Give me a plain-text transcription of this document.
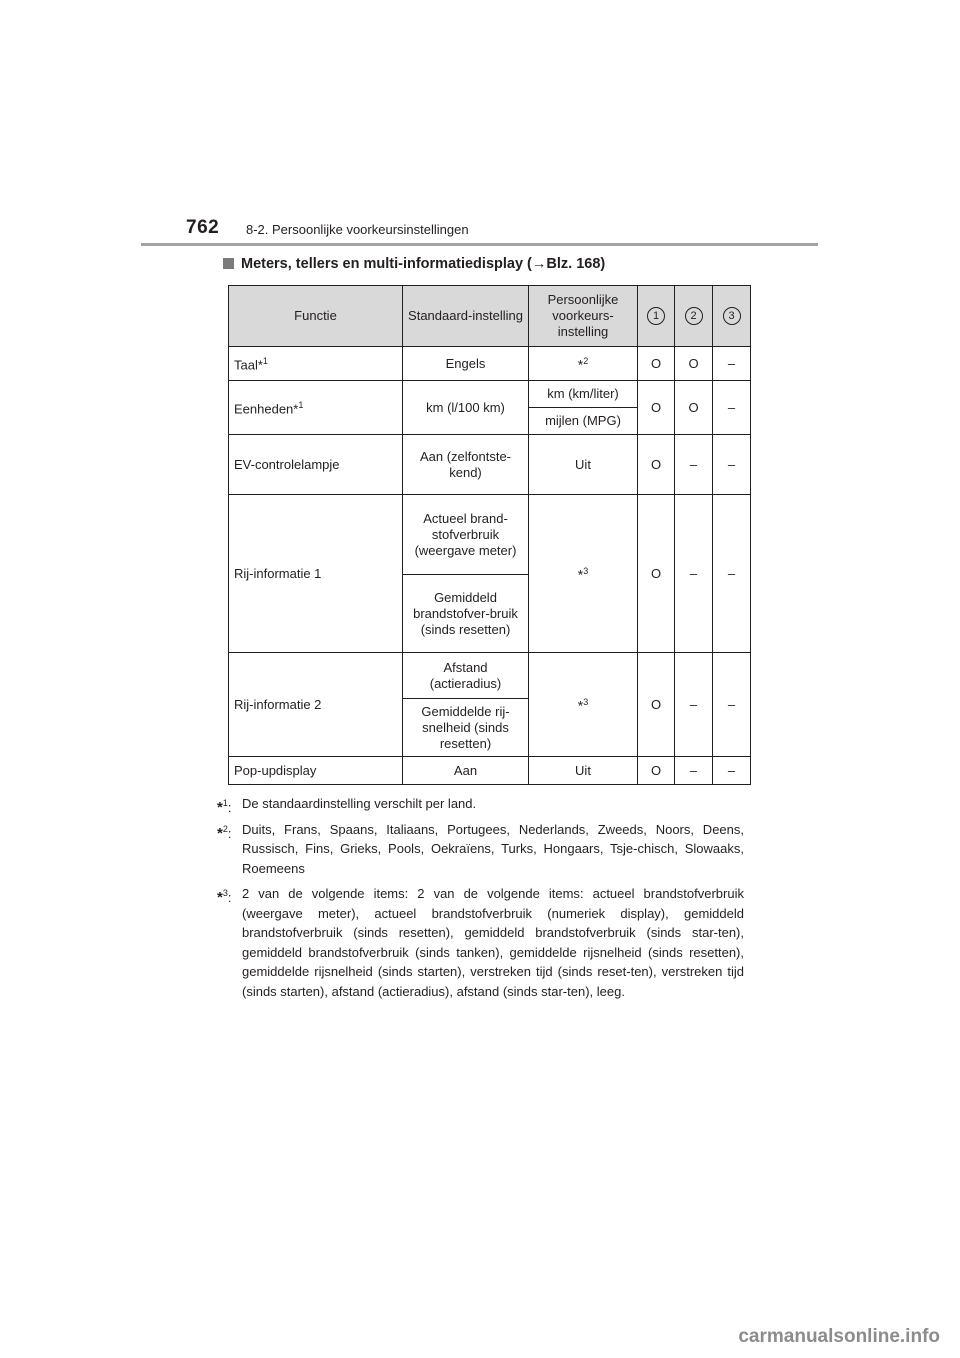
762 8-2. Persoonlijke voorkeursinstellingen
Meters, tellers en multi-informatiedisplay (→Blz. 168)
Functie	Standaard-instelling	Persoonlijke voorkeurs-instelling	1	2	3
Taal*$^1$	Engels	*$^2$	O	O	–
Eenheden*$^1$	km (l/100 km)	km (km/liter)	O	O	–
		mijlen (MPG)			
EV-controlelampje	Aan (zelfontste-kend)	Uit	O	–	–
Rij-informatie 1	Actueel brand-stofverbruik (weergave meter)	*$^3$	O	–	–
	Gemiddeld brandstofver-bruik (sinds resetten)				
Rij-informatie 2	Afstand (actieradius)	*$^3$	O	–	–
	Gemiddelde rij-snelheid (sinds resetten)				
Pop-updisplay	Aan	Uit	O	–	–
*$^1$: De standaardinstelling verschilt per land.
*$^2$: Duits, Frans, Spaans, Italiaans, Portugees, Nederlands, Zweeds, Noors, Deens, Russisch, Fins, Grieks, Pools, Oekraïens, Turks, Hongaars, Tsje-chisch, Slowaaks, Roemeens
*$^3$: 2 van de volgende items: 2 van de volgende items: actueel brandstofverbruik (weergave meter), actueel brandstofverbruik (numeriek display), gemiddeld brandstofverbruik (sinds resetten), gemiddeld brandstofverbruik (sinds star-ten), gemiddeld brandstofverbruik (sinds tanken), gemiddelde rijsnelheid (sinds resetten), gemiddelde rijsnelheid (sinds starten), verstreken tijd (sinds reset-ten), verstreken tijd (sinds starten), afstand (actieradius), afstand (sinds star-ten), leeg.
carmanualsonline.info
